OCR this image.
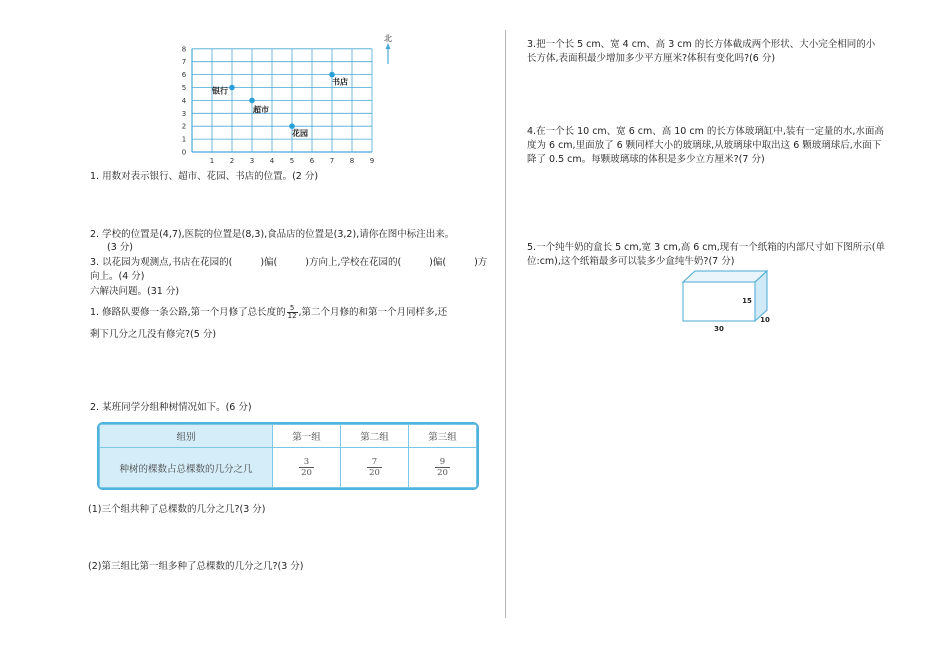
1 2 3 4 5 6 7 8 9
0
1
2
3
4
5
6
7
8
银行
超市
花园
书店
北
1. 用数对表示银行、超市、花园、书店的位置。(2 分)
2. 学校的位置是(4,7),医院的位置是(8,3),食品店的位置是(3,2),请你在图中标注出来。
(3 分)
3. 以花园为观测点,书店在花园的(	)偏(	)方向上,学校在花园的(	)偏(	)方
向上。(4 分)
六解决问题。(31 分)
1. 修路队要修一条公路,第一个月修了总长度的 $\frac{5}{12}$ ,第二个月修的和第一个月同样多,还
剩下几分之几没有修完?(5 分)
2. 某班同学分组种树情况如下。(6 分)
组别	第一组	第二组	第三组
种树的棵数占总棵数的几分之几	$\frac{3}{20}$	$\frac{7}{20}$	$\frac{9}{20}$
(1)三个组共种了总棵数的几分之几?(3 分)
(2)第三组比第一组多种了总棵数的几分之几?(3 分)
3.把一个长 5 cm、宽 4 cm、高 3 cm 的长方体截成两个形状、大小完全相同的小
长方体,表面积最少增加多少平方厘米?体积有变化吗?(6 分)
4.在一个长 10 cm、宽 6 cm、高 10 cm 的长方体玻璃缸中,装有一定量的水,水面高
度为 6 cm,里面放了 6 颗同样大小的玻璃球,从玻璃球中取出这 6 颗玻璃球后,水面下
降了 0.5 cm。每颗玻璃球的体积是多少立方厘米?(7 分)
5.一个纯牛奶的盒长 5 cm,宽 3 cm,高 6 cm,现有一个纸箱的内部尺寸如下图所示(单
位:cm),这个纸箱最多可以装多少盒纯牛奶?(7 分)
15
10
30
